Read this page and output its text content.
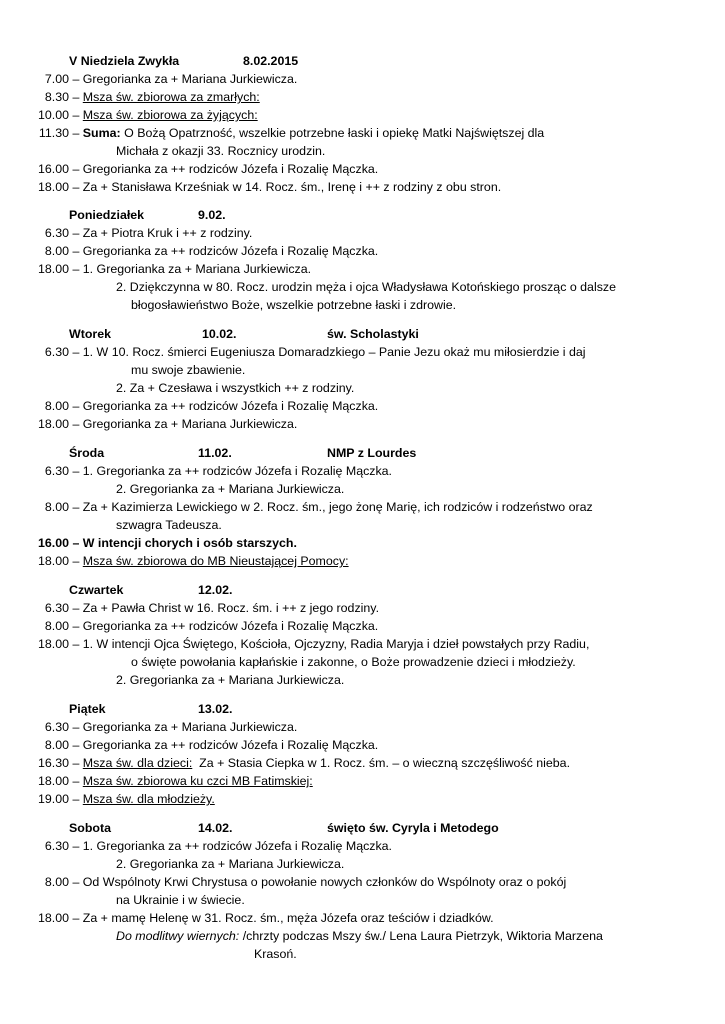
V Niedziela Zwykła	8.02.2015
7.00 – Gregorianka za + Mariana Jurkiewicza.
8.30 – Msza św. zbiorowa za zmarłych:
10.00 – Msza św. zbiorowa za żyjących:
11.30 – Suma: O Bożą Opatrzność, wszelkie potrzebne łaski i opiekę Matki Najświętszej dla
Michała z okazji 33. Rocznicy urodzin.
16.00 – Gregorianka za ++ rodziców Józefa i Rozalię Mączka.
18.00 – Za + Stanisława Krześniak w 14. Rocz. śm., Irenę i ++ z rodziny z obu stron.
Poniedziałek	9.02.
6.30 – Za + Piotra Kruk i ++ z rodziny.
8.00 – Gregorianka za ++ rodziców Józefa i Rozalię Mączka.
18.00 – 1. Gregorianka za + Mariana Jurkiewicza.
2. Dziękczynna w 80. Rocz. urodzin męża i ojca Władysława Kotońskiego prosząc o dalsze
błogosławieństwo Boże, wszelkie potrzebne łaski i zdrowie.
Wtorek	10.02.	św. Scholastyki
6.30 – 1. W 10. Rocz. śmierci Eugeniusza Domaradzkiego – Panie Jezu okaż mu miłosierdzie i daj
mu swoje zbawienie.
2. Za + Czesława i wszystkich ++ z rodziny.
8.00 – Gregorianka za ++ rodziców Józefa i Rozalię Mączka.
18.00 – Gregorianka za + Mariana Jurkiewicza.
Środa	11.02.	NMP z Lourdes
6.30 – 1. Gregorianka za ++ rodziców Józefa i Rozalię Mączka.
2. Gregorianka za + Mariana Jurkiewicza.
8.00 – Za + Kazimierza Lewickiego w 2. Rocz. śm., jego żonę Marię, ich rodziców i rodzeństwo oraz
szwagra Tadeusza.
16.00 – W intencji chorych i osób starszych.
18.00 – Msza św. zbiorowa do MB Nieustającej Pomocy:
Czwartek	12.02.
6.30 – Za + Pawła Christ w 16. Rocz. śm. i ++ z jego rodziny.
8.00 – Gregorianka za ++ rodziców Józefa i Rozalię Mączka.
18.00 – 1. W intencji Ojca Świętego, Kościoła, Ojczyzny, Radia Maryja i dzieł powstałych przy Radiu,
o święte powołania kapłańskie i zakonne, o Boże prowadzenie dzieci i młodzieży.
2. Gregorianka za + Mariana Jurkiewicza.
Piątek	13.02.
6.30 – Gregorianka za + Mariana Jurkiewicza.
8.00 – Gregorianka za ++ rodziców Józefa i Rozalię Mączka.
16.30 – Msza św. dla dzieci: Za + Stasia Ciepka w 1. Rocz. śm. – o wieczną szczęśliwość nieba.
18.00 – Msza św. zbiorowa ku czci MB Fatimskiej:
19.00 – Msza św. dla młodzieży.
Sobota	14.02.	święto św. Cyryla i Metodego
6.30 – 1. Gregorianka za ++ rodziców Józefa i Rozalię Mączka.
2. Gregorianka za + Mariana Jurkiewicza.
8.00 – Od Wspólnoty Krwi Chrystusa o powołanie nowych członków do Wspólnoty oraz o pokój
na Ukrainie i w świecie.
18.00 – Za + mamę Helenę w 31. Rocz. śm., męża Józefa oraz teściów i dziadków.
Do modlitwy wiernych: /chrzty podczas Mszy św./ Lena Laura Pietrzyk, Wiktoria Marzena
Krasoń.
